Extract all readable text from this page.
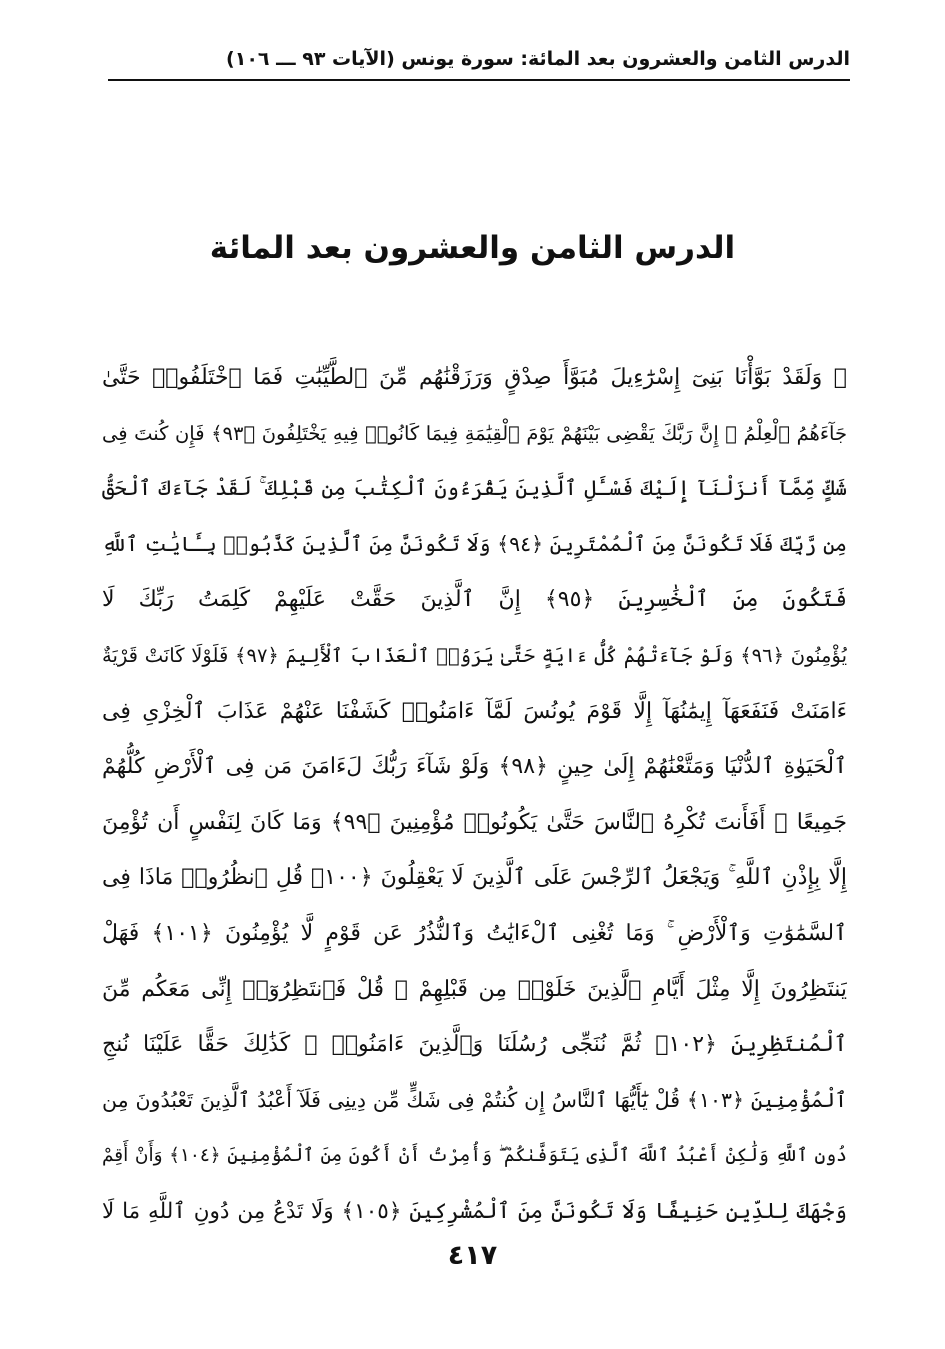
الدرس الثامن والعشرون بعد المائة: سورة يونس (الآيات ٩٣ ـــ ١٠٦)
الدرس الثامن والعشرون بعد المائة
﴿ وَلَقَدْ بَوَّأْنَا بَنِىٓ إِسْرَٰٓءِيلَ مُبَوَّأَ صِدْقٍ وَرَزَقْنَٰهُم مِّنَ ٱلطَّيِّبَٰتِ فَمَا ٱخْتَلَفُوا۟ حَتَّىٰ
جَآءَهُمُ ٱلْعِلْمُ ۚ إِنَّ رَبَّكَ يَقْضِى بَيْنَهُمْ يَوْمَ ٱلْقِيَٰمَةِ فِيمَا كَانُوا۟ فِيهِ يَخْتَلِفُونَ ﴿٩٣﴾ فَإِن كُنتَ فِى
شَكٍّ مِّمَّآ أَنزَلْنَآ إِلَيْكَ فَسْـَٔلِ ٱلَّذِينَ يَقْرَءُونَ ٱلْكِتَٰبَ مِن قَبْلِكَ ۚ لَقَدْ جَآءَكَ ٱلْحَقُّ
مِن رَّبِّكَ فَلَا تَكُونَنَّ مِنَ ٱلْمُمْتَرِينَ ﴿٩٤﴾ وَلَا تَكُونَنَّ مِنَ ٱلَّذِينَ كَذَّبُوا۟ بِـَٔايَٰتِ ٱللَّهِ
فَتَكُونَ مِنَ ٱلْخَٰسِرِينَ ﴿٩٥﴾ إِنَّ ٱلَّذِينَ حَقَّتْ عَلَيْهِمْ كَلِمَتُ رَبِّكَ لَا
يُؤْمِنُونَ ﴿٩٦﴾ وَلَوْ جَآءَتْهُمْ كُلُّ ءَايَةٍ حَتَّىٰ يَرَوُا۟ ٱلْعَذَابَ ٱلْأَلِيمَ ﴿٩٧﴾ فَلَوْلَا كَانَتْ قَرْيَةٌ
ءَامَنَتْ فَنَفَعَهَآ إِيمَٰنُهَآ إِلَّا قَوْمَ يُونُسَ لَمَّآ ءَامَنُوا۟ كَشَفْنَا عَنْهُمْ عَذَابَ ٱلْخِزْىِ فِى
ٱلْحَيَوٰةِ ٱلدُّنْيَا وَمَتَّعْنَٰهُمْ إِلَىٰ حِينٍ ﴿٩٨﴾ وَلَوْ شَآءَ رَبُّكَ لَءَامَنَ مَن فِى ٱلْأَرْضِ كُلُّهُمْ
جَمِيعًا ۚ أَفَأَنتَ تُكْرِهُ ٱلنَّاسَ حَتَّىٰ يَكُونُوا۟ مُؤْمِنِينَ ﴿٩٩﴾ وَمَا كَانَ لِنَفْسٍ أَن تُؤْمِنَ
إِلَّا بِإِذْنِ ٱللَّهِ ۚ وَيَجْعَلُ ٱلرِّجْسَ عَلَى ٱلَّذِينَ لَا يَعْقِلُونَ ﴿١٠٠﴾ قُلِ ٱنظُرُوا۟ مَاذَا فِى
ٱلسَّمَٰوَٰتِ وَٱلْأَرْضِ ۚ وَمَا تُغْنِى ٱلْءَايَٰتُ وَٱلنُّذُرُ عَن قَوْمٍ لَّا يُؤْمِنُونَ ﴿١٠١﴾ فَهَلْ
يَنتَظِرُونَ إِلَّا مِثْلَ أَيَّامِ ٱلَّذِينَ خَلَوْا۟ مِن قَبْلِهِمْ ۚ قُلْ فَٱنتَظِرُوٓا۟ إِنِّى مَعَكُم مِّنَ
ٱلْمُنتَظِرِينَ ﴿١٠٢﴾ ثُمَّ نُنَجِّى رُسُلَنَا وَٱلَّذِينَ ءَامَنُوا۟ ۚ كَذَٰلِكَ حَقًّا عَلَيْنَا نُنجِ
ٱلْمُؤْمِنِينَ ﴿١٠٣﴾ قُلْ يَٰٓأَيُّهَا ٱلنَّاسُ إِن كُنتُمْ فِى شَكٍّ مِّن دِينِى فَلَآ أَعْبُدُ ٱلَّذِينَ تَعْبُدُونَ مِن
دُونِ ٱللَّهِ وَلَٰكِنْ أَعْبُدُ ٱللَّهَ ٱلَّذِى يَتَوَفَّىٰكُمْ ۖ وَأُمِرْتُ أَنْ أَكُونَ مِنَ ٱلْمُؤْمِنِينَ ﴿١٠٤﴾ وَأَنْ أَقِمْ
وَجْهَكَ لِلدِّينِ حَنِيفًا وَلَا تَكُونَنَّ مِنَ ٱلْمُشْرِكِينَ ﴿١٠٥﴾ وَلَا تَدْعُ مِن دُونِ ٱللَّهِ مَا لَا
٤١٧
